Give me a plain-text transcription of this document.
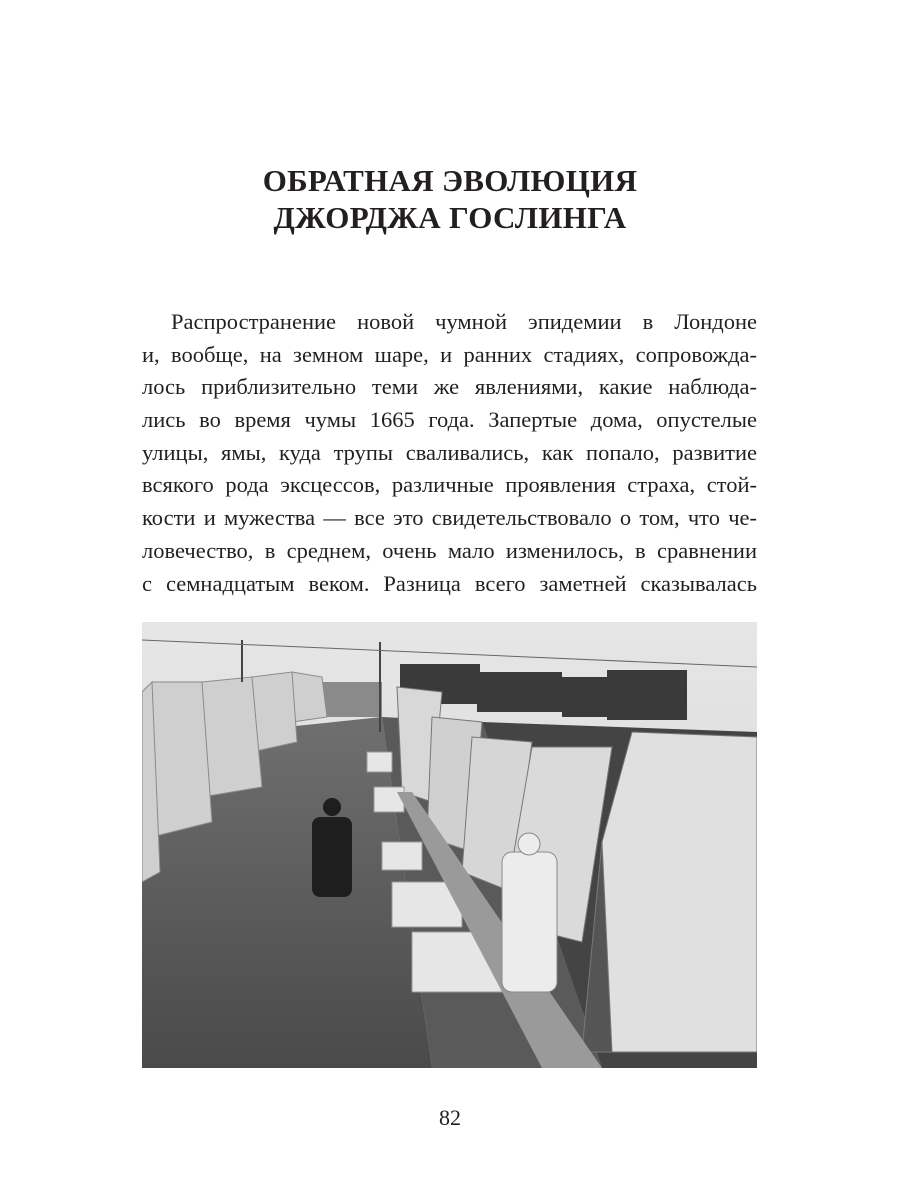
ОБРАТНАЯ ЭВОЛЮЦИЯ
ДЖОРДЖА ГОСЛИНГА
Распространение новой чумной эпидемии в Лондоне
и, вообще, на земном шаре, и ранних стадиях, сопровожда-
лось приблизительно теми же явлениями, какие наблюда-
лись во время чумы 1665 года. Запертые дома, опустелые
улицы, ямы, куда трупы сваливались, как попало, развитие
всякого рода эксцессов, различные проявления страха, стой-
кости и мужества — все это свидетельствовало о том, что че-
ловечество, в среднем, очень мало изменилось, в сравнении
с семнадцатым веком. Разница всего заметней сказывалась
82
